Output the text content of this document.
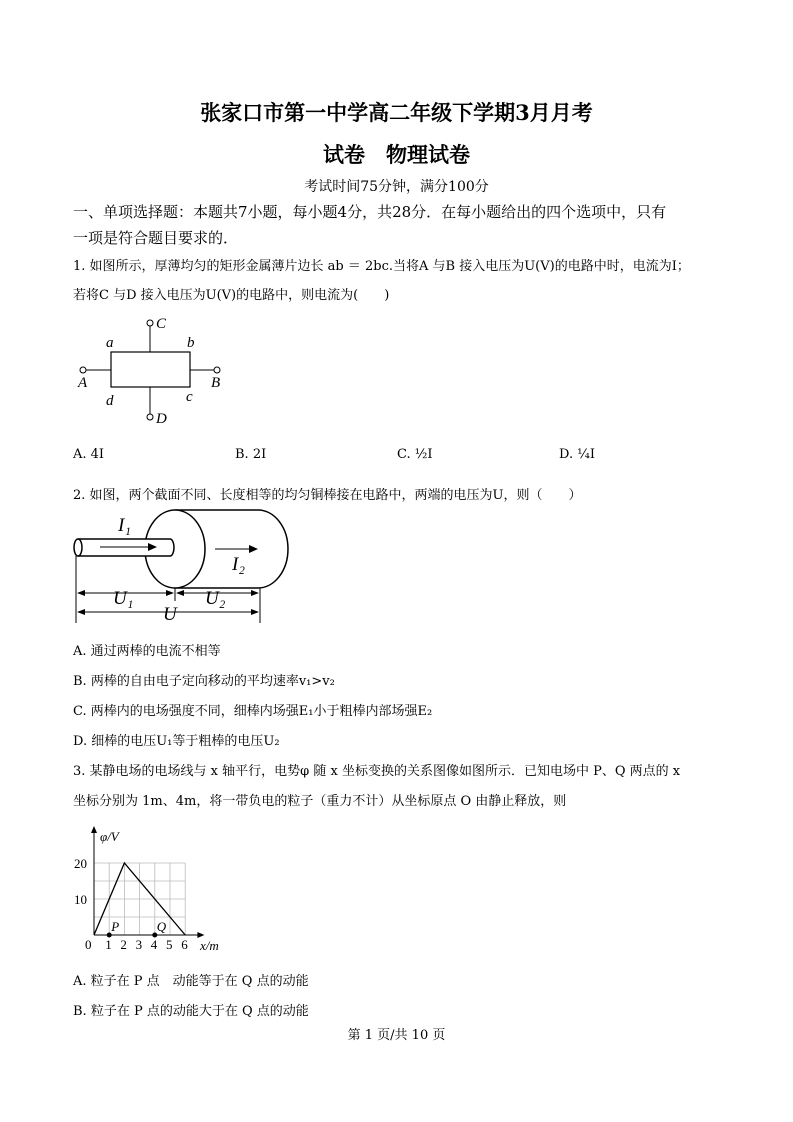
张家口市第一中学高二年级下学期3月月考
试卷　物理试卷
考试时间75分钟，满分100分
一、单项选择题：本题共7小题，每小题4分，共28分．在每小题给出的四个选项中，只有
一项是符合题目要求的．
1. 如图所示，厚薄均匀的矩形金属薄片边长 ab ＝ 2bc.当将A 与B 接入电压为U(V)的电路中时，电流为I；
若将C 与D 接入电压为U(V)的电路中，则电流为(　　)
C
D
A	B
a	b
d	c
A. 4I	B. 2I	C. ½I	D. ¼I
2. 如图，两个截面不同、长度相等的均匀铜棒接在电路中，两端的电压为U，则（　　）
I₁
I₂
U₁	U₂
U
A. 通过两棒的电流不相等
B. 两棒的自由电子定向移动的平均速率v₁>v₂
C. 两棒内的电场强度不同，细棒内场强E₁小于粗棒内部场强E₂
D. 细棒的电压U₁等于粗棒的电压U₂
3. 某静电场的电场线与 x 轴平行，电势φ 随 x 坐标变换的关系图像如图所示．已知电场中 P、Q 两点的 x
坐标分别为 1m、4m，将一带负电的粒子（重力不计）从坐标原点 O 由静止释放，则
0 1 2 3 4 5 6
10
20
P	Q
φ/V
x/m
A. 粒子在 P 点　动能等于在 Q 点的动能
B. 粒子在 P 点的动能大于在 Q 点的动能
第 1 页/共 10 页
